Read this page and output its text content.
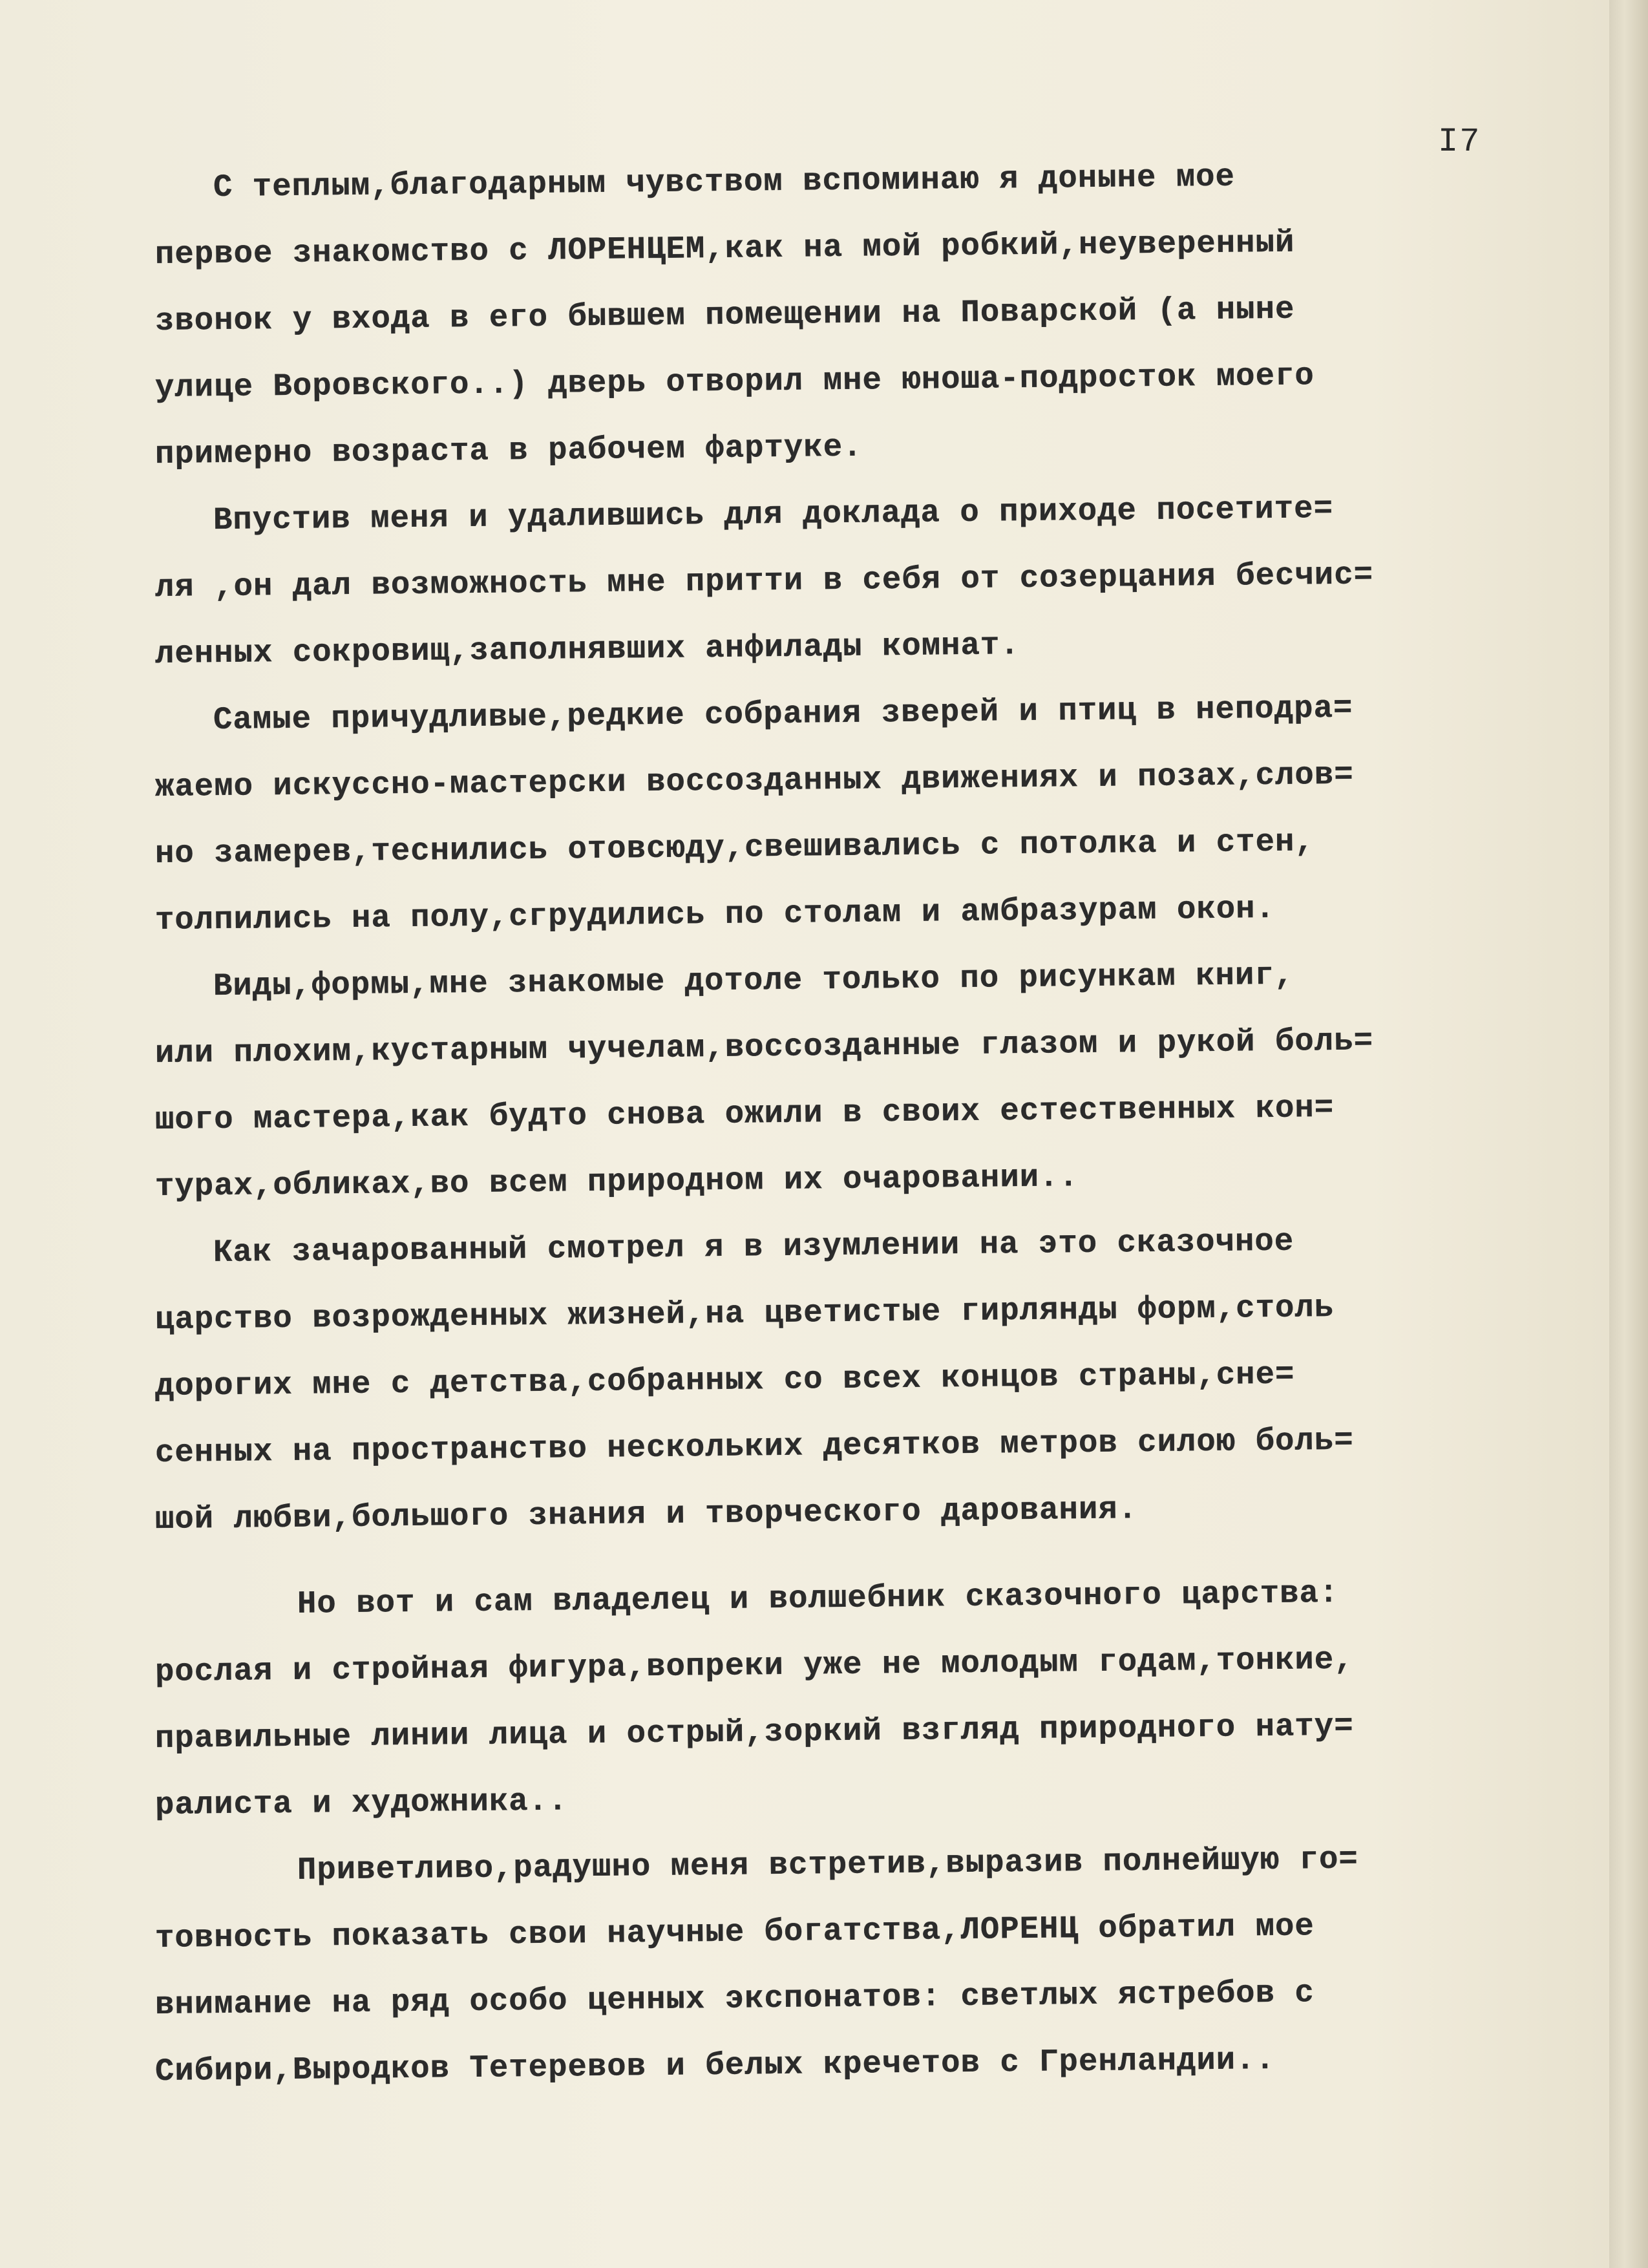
I7
С теплым,благодарным чувством вспоминаю я доныне мое
первое знакомство с ЛОРЕНЦЕМ,как на мой робкий,неуверенный
звонок у входа в его бывшем помещении на Поварской (а ныне
улице Воровского..) дверь отворил мне юноша-подросток моего
примерно возраста в рабочем фартуке.
Впустив меня и удалившись для доклада о приходе посетите=
ля ,он дал возможность мне притти в себя от созерцания бесчис=
ленных сокровищ,заполнявших анфилады комнат.
Самые причудливые,редкие собрания зверей и птиц в неподра=
жаемо искуссно-мастерски воссозданных движениях и позах,слов=
но замерев,теснились отовсюду,свешивались с потолка и стен,
толпились на полу,сгрудились по столам и амбразурам окон.
Виды,формы,мне знакомые дотоле только по рисункам книг,
или плохим,кустарным чучелам,воссозданные глазом и рукой боль=
шого мастера,как будто снова ожили в своих естественных кон=
турах,обликах,во всем природном их очаровании..
Как зачарованный смотрел я в изумлении на это сказочное
царство возрожденных жизней,на цветистые гирлянды форм,столь
дорогих мне с детства,собранных со всех концов страны,сне=
сенных на пространство нескольких десятков метров силою боль=
шой любви,большого знания и творческого дарования.
Но вот и сам владелец и волшебник сказочного царства:
рослая и стройная фигура,вопреки уже не молодым годам,тонкие,
правильные линии лица и острый,зоркий взгляд природного нату=
ралиста и художника..
Приветливо,радушно меня встретив,выразив полнейшую го=
товность показать свои научные богатства,ЛОРЕНЦ обратил мое
внимание на ряд особо ценных экспонатов: светлых ястребов с
Сибири,Выродков Тетеревов и белых кречетов с Гренландии..
